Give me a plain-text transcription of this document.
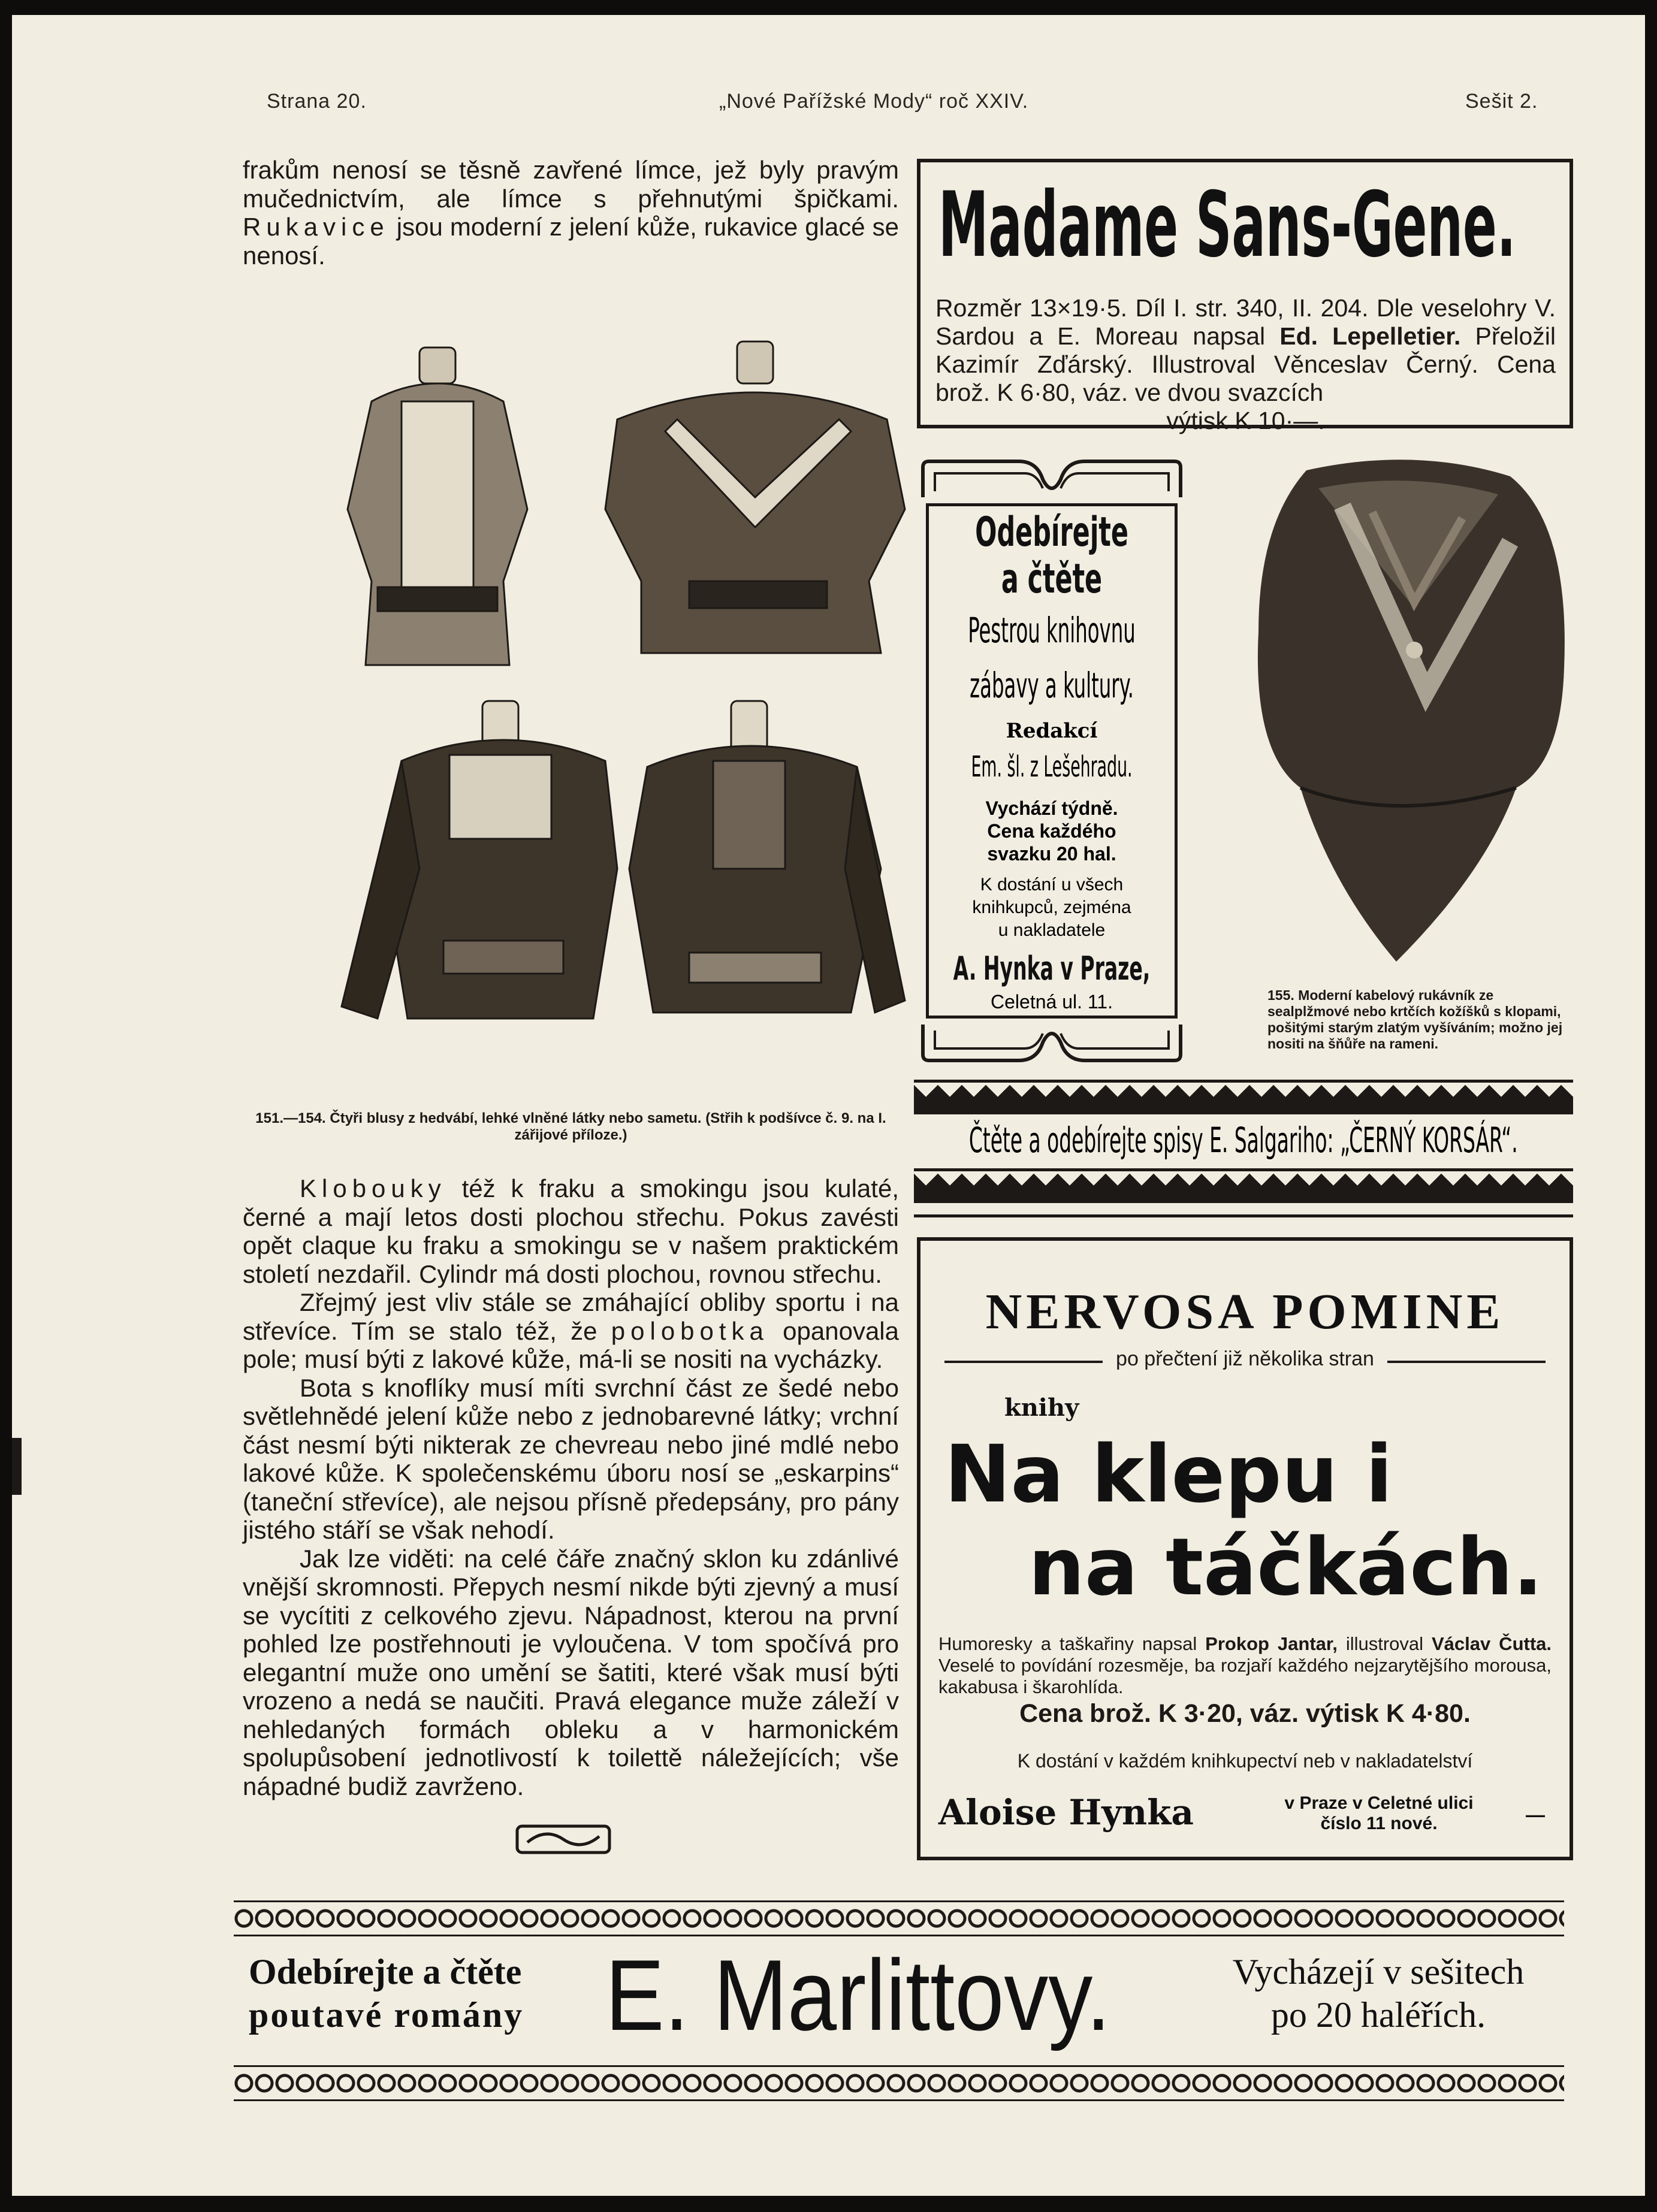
Strana 20.	„Nové Pařížské Mody“ roč XXIV.	Sešit 2.
frakům nenosí se těsně zavřené límce, jež byly pravým mučednictvím, ale límce s přehnutými špičkami. Rukavice jsou moderní z jelení kůže, rukavice glacé se nenosí.
151.—154. Čtyři blusy z hedvábí, lehké vlněné látky nebo sametu. (Střih k podšívce č. 9. na I. zářijové příloze.)

Klobouky též k fraku a smokingu jsou kulaté, černé a mají letos dosti plochou střechu. Pokus zavésti opět claque ku fraku a smokingu se v našem praktickém století nezdařil. Cylindr má dosti plochou, rovnou střechu.

Zřejmý jest vliv stále se zmáhající obliby sportu i na střevíce. Tím se stalo též, že polobotka opanovala pole; musí býti z lakové kůže, má-li se nositi na vycházky.

Bota s knoflíky musí míti svrchní část ze šedé nebo světlehnědé jelení kůže nebo z jednobarevné látky; vrchní část nesmí býti nikterak ze chevreau nebo jiné mdlé nebo lakové kůže. K společenskému úboru nosí se „eskarpins“ (taneční střevíce), ale nejsou přísně předepsány, pro pány jistého stáří se však nehodí.

Jak lze viděti: na celé čáře značný sklon ku zdánlivé vnější skromnosti. Přepych nesmí nikde býti zjevný a musí se vycítiti z celkového zjevu. Nápadnost, kterou na první pohled lze postřehnouti je vyloučena. V tom spočívá pro elegantní muže ono umění se šatiti, které však musí býti vrozeno a nedá se naučiti. Pravá elegance muže záleží v nehledaných formách obleku a v harmonickém spolupůsobení jednotlivostí k toilettě náležejících; vše nápadné budiž zavrženo.

Madame Sans-Gene.
Rozměr 13×19·5. Díl I. str. 340, II. 204. Dle veselohry V. Sardou a E. Moreau napsal Ed. Lepelletier. Přeložil Kazimír Zďárský. Illustroval Věnceslav Černý. Cena brož. K 6·80, váz. ve dvou svazcích
výtisk K 10·—.
Odebírejte
a čtěte
Pestrou knihovnu
zábavy a kultury.
Redakcí
Em. šl. z Lešehradu.
Vychází týdně.
Cena každého
svazku 20 hal.
K dostání u všech
knihkupců, zejména
u nakladatele
A. Hynka v Praze,
Celetná ul. 11.	155. Moderní kabelový rukávník ze sealplžmové nebo krtčích kožíšků s klopami, pošitými starým zlatým vyšíváním; možno jej nositi na šňůře na rameni.
Čtěte a odebírejte spisy E. Salgariho: „ČERNÝ KORSÁR“.
NERVOSA POMINE
po přečtení již několika stran
knihy
Na klepu i
na táčkách.
Humoresky a taškařiny napsal Prokop Jantar, illustroval Václav Čutta. Veselé to povídání rozesměje, ba rozjaří každého nejzarytějšího morousa, kakabusa i škarohlída.
Cena brož. K 3·20, váz. výtisk K 4·80.
K dostání v každém knihkupectví neb v nakladatelství
Aloise Hynka	v Praze v Celetné ulici
číslo 11 nové.	—
Odebírejte a čtěte
poutavé romány E. Marlittovy.	Vycházejí v sešitech
po 20 haléřích.
